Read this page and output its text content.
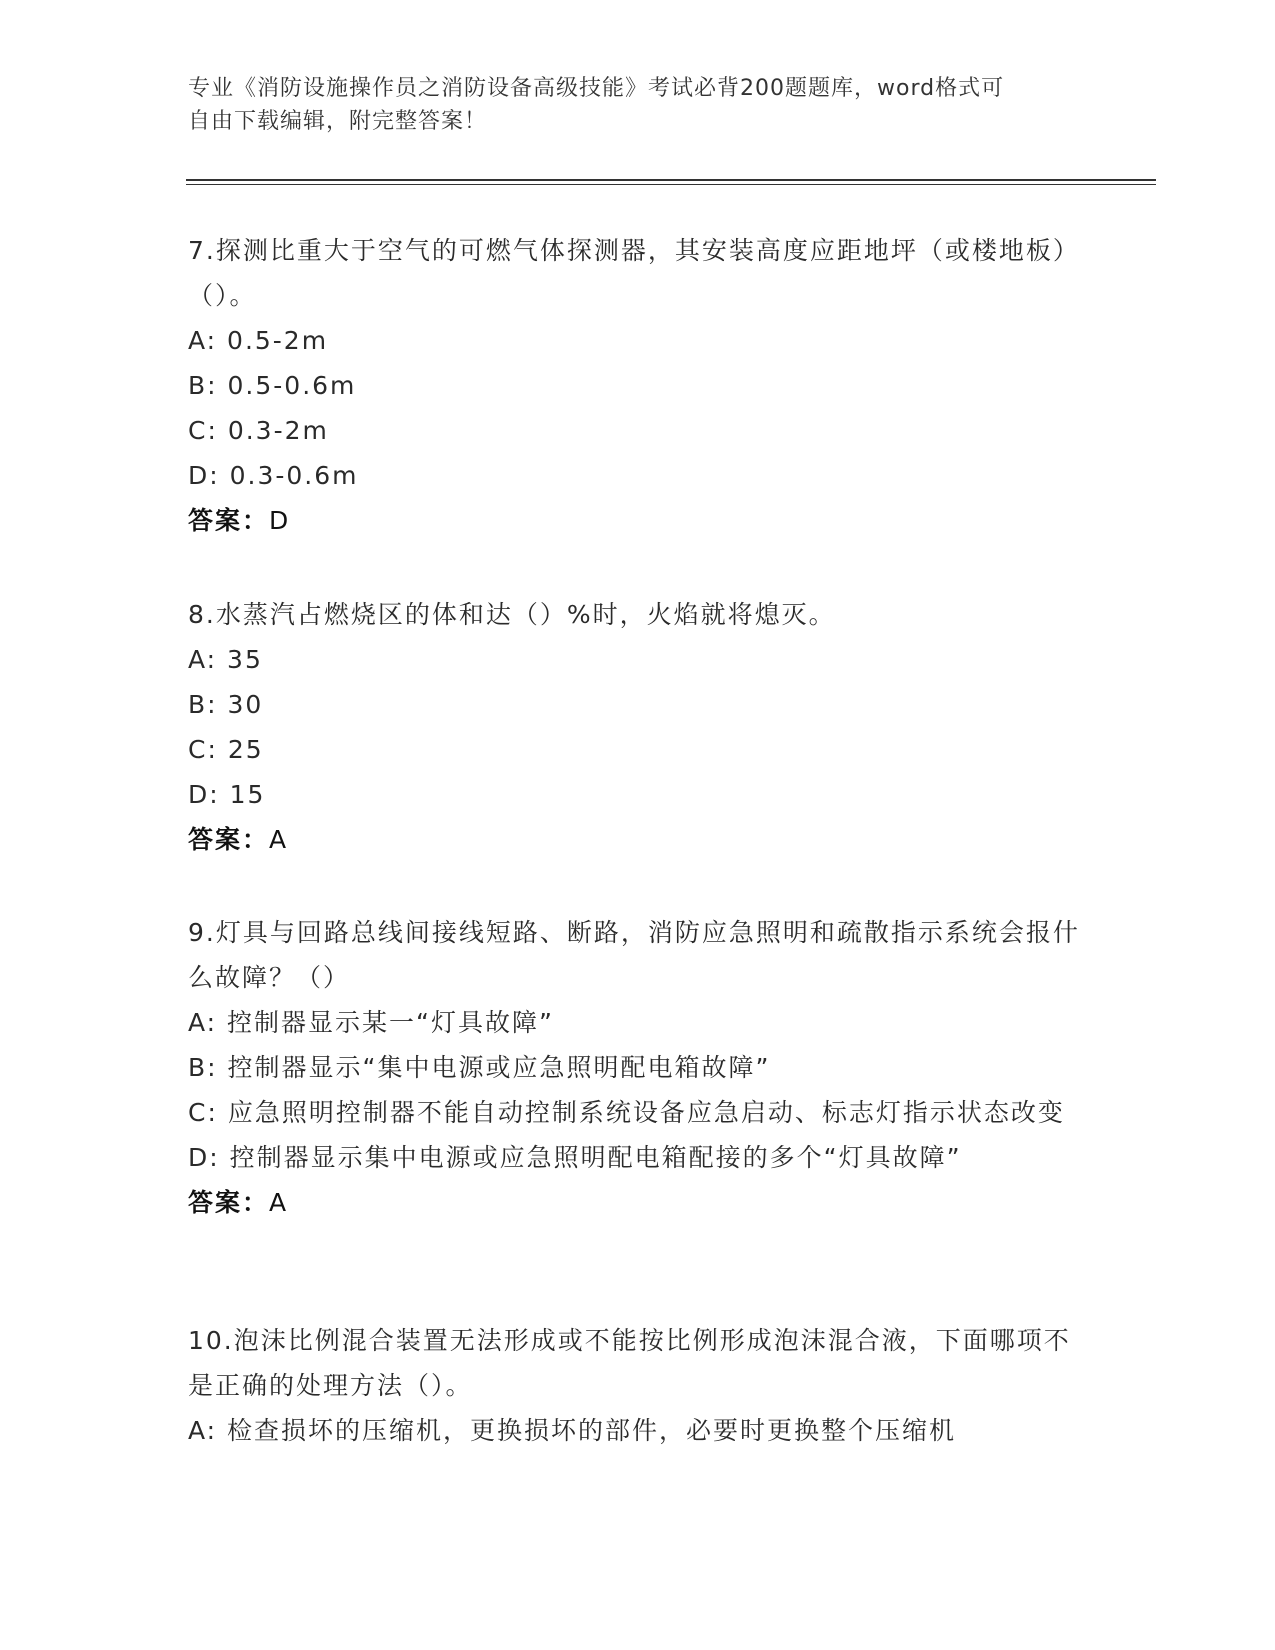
专业《消防设施操作员之消防设备高级技能》考试必背200题题库，word格式可
自由下载编辑，附完整答案！
7.探测比重大于空气的可燃气体探测器，其安装高度应距地坪（或楼地板）（）。
A: 0.5-2m
B: 0.5-0.6m
C: 0.3-2m
D: 0.3-0.6m
答案：D
8.水蒸汽占燃烧区的体和达（）%时，火焰就将熄灭。
A: 35
B: 30
C: 25
D: 15
答案：A
9.灯具与回路总线间接线短路、断路，消防应急照明和疏散指示系统会报什么故障？（）
A: 控制器显示某一“灯具故障”
B: 控制器显示“集中电源或应急照明配电箱故障”
C: 应急照明控制器不能自动控制系统设备应急启动、标志灯指示状态改变
D: 控制器显示集中电源或应急照明配电箱配接的多个“灯具故障”
答案：A
10.泡沫比例混合装置无法形成或不能按比例形成泡沫混合液，下面哪项不是正确的处理方法（）。
A: 检查损坏的压缩机，更换损坏的部件，必要时更换整个压缩机
